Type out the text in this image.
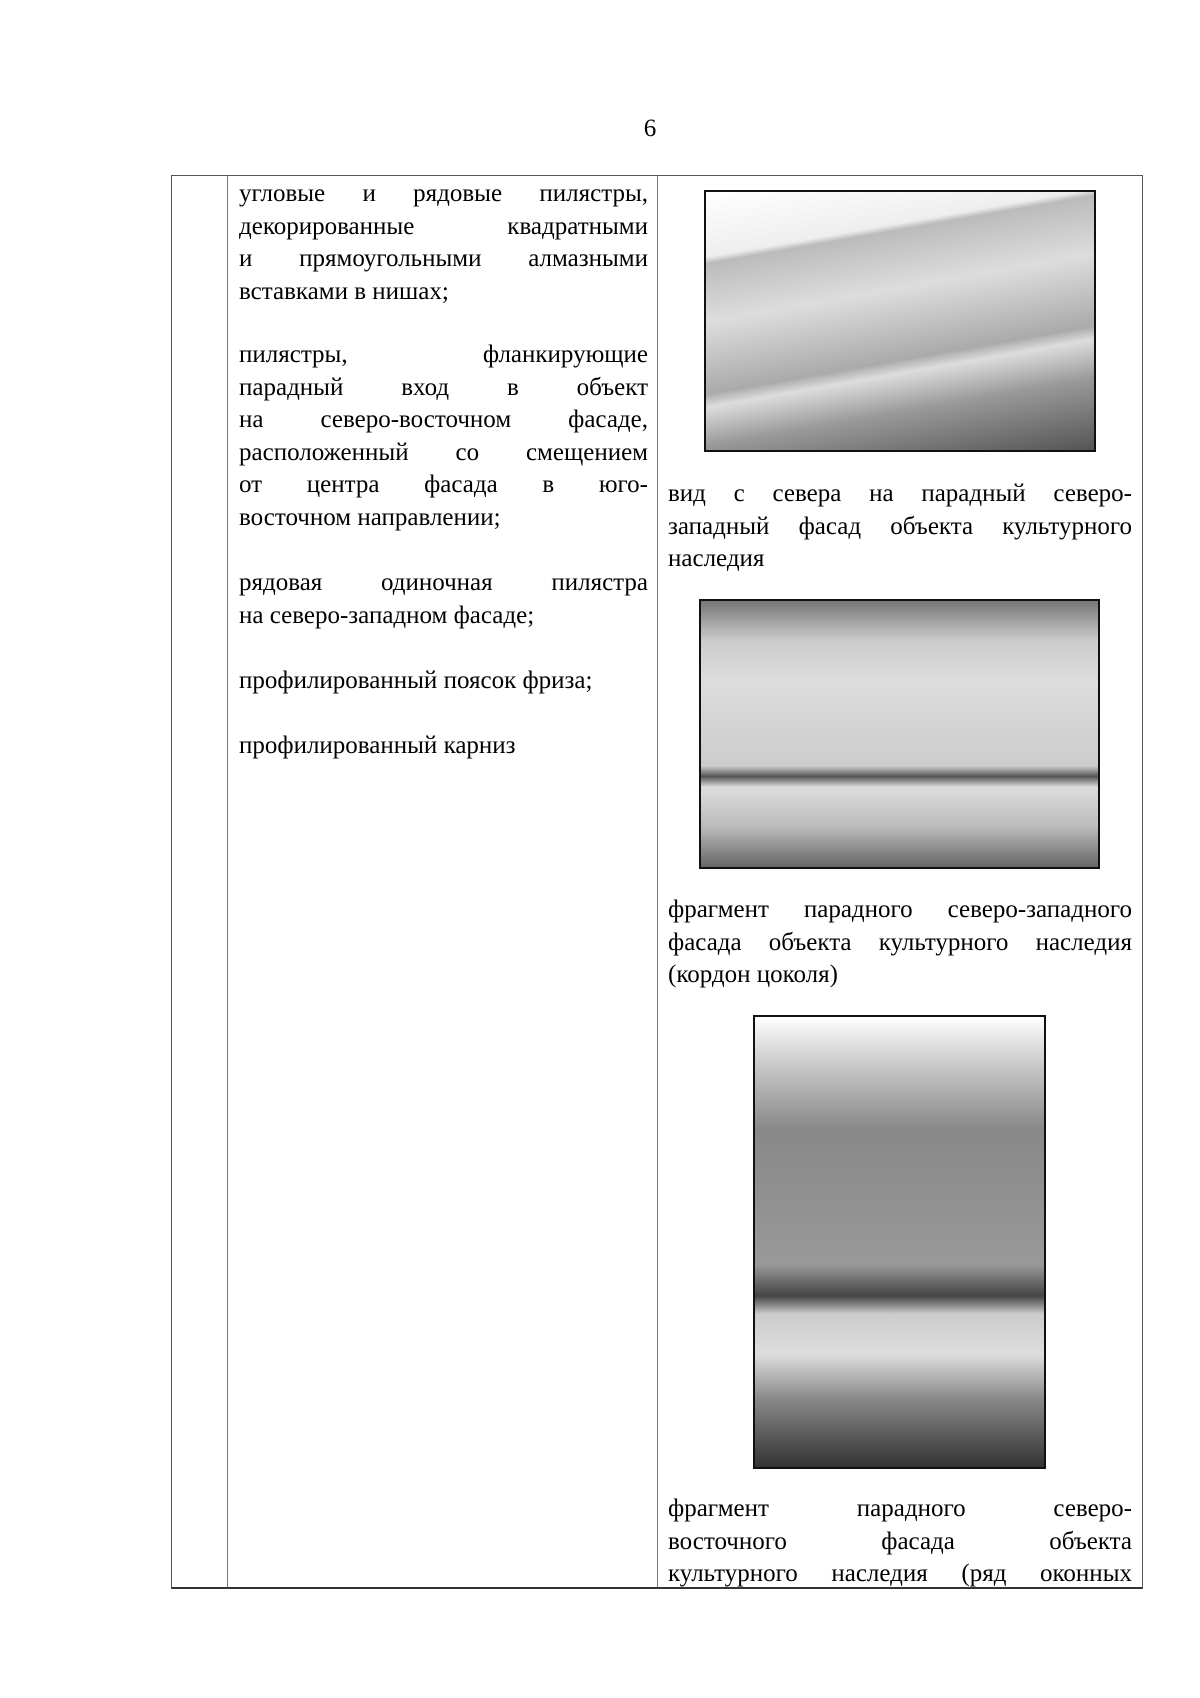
6
угловые и рядовые пилястры,
декорированные квадратными
и прямоугольными алмазными
вставками в нишах;
пилястры, фланкирующие
парадный вход в объект
на северо-восточном фасаде,
расположенный со смещением
от центра фасада в юго-
восточном направлении;
рядовая одиночная пилястра
на северо-западном фасаде;
профилированный поясок фриза;
профилированный карниз
вид с севера на парадный северо-
западный фасад объекта культурного
наследия
фрагмент парадного северо-западного
фасада объекта культурного наследия
(кордон цоколя)
фрагмент парадного северо-
восточного фасада объекта
культурного наследия (ряд оконных
